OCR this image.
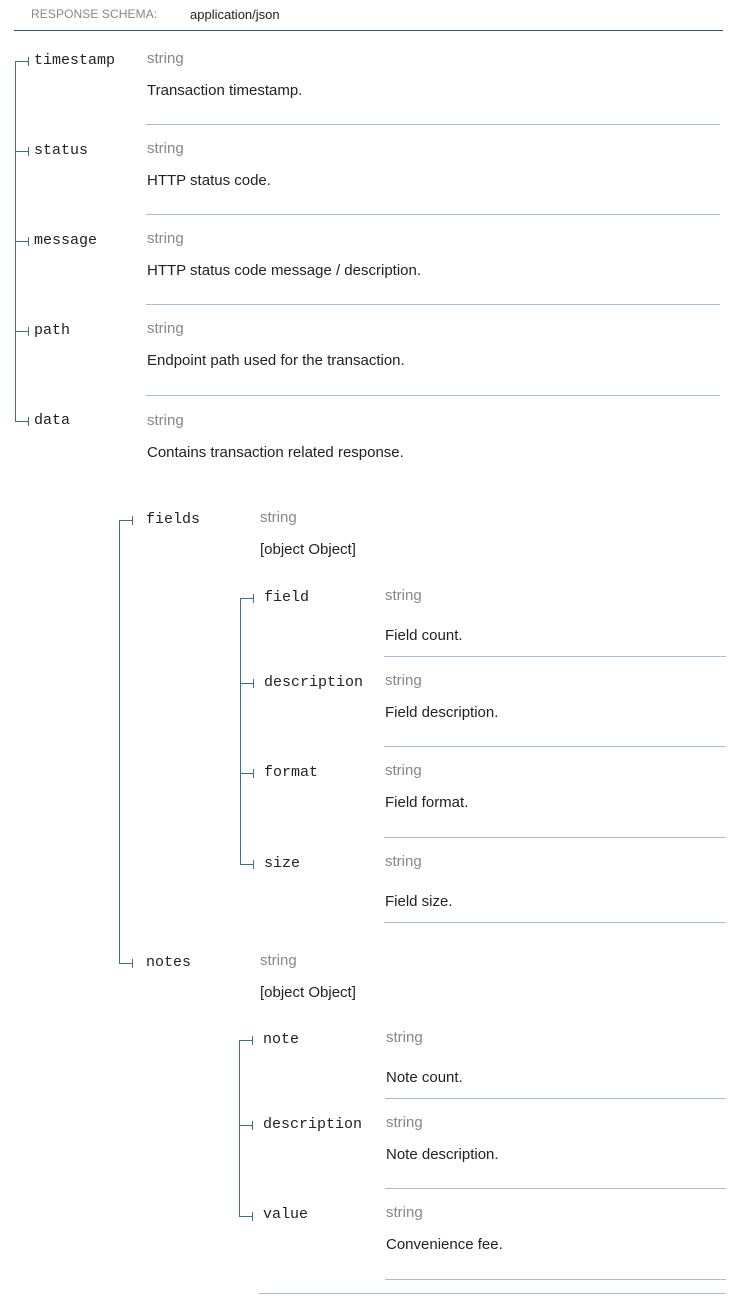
RESPONSE SCHEMA:	application/json
timestamp string
Transaction timestamp.
status	string
HTTP status code.
message	string
HTTP status code message / description.
path	string
Endpoint path used for the transaction.
data	string
Contains transaction related response.
fields	string
[object Object]
field	string
Field count.
description string
Field description.
format	string
Field format.
size	string
Field size.
notes	string
[object Object]
note	string
Note count.
description string
Note description.
value	string
Convenience fee.
